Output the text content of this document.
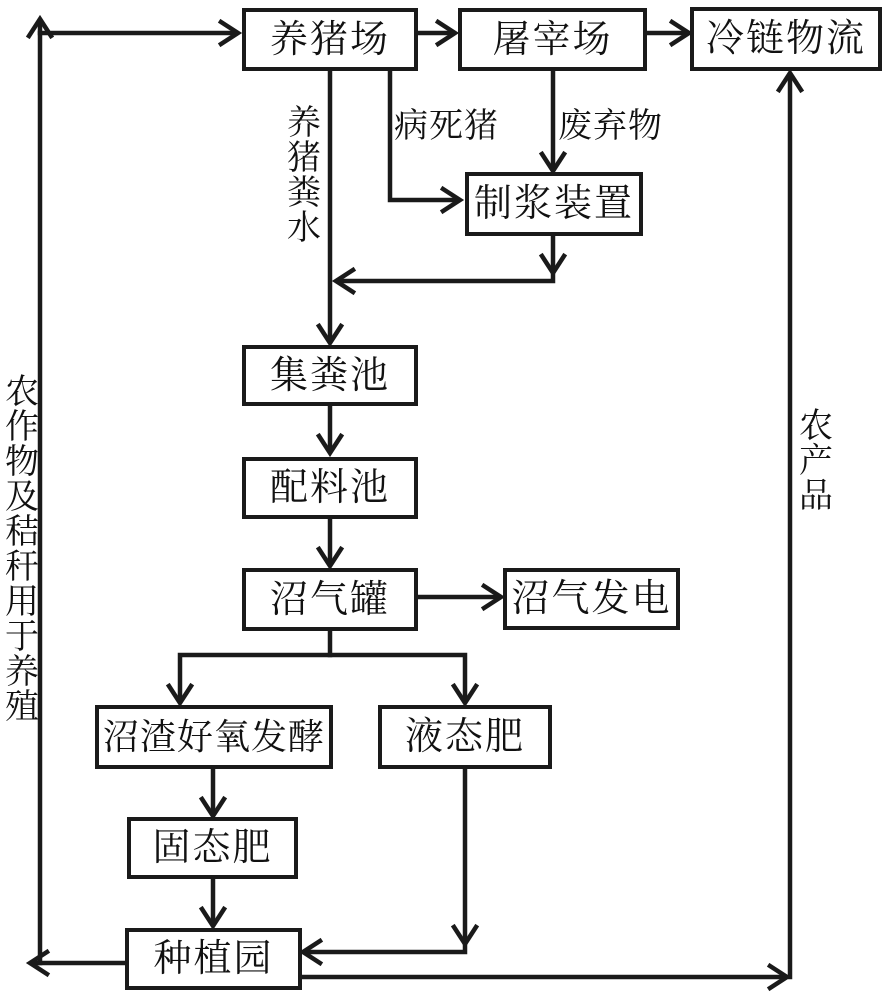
养猪场	屠宰场	冷链物流
制浆装置
集粪池
配料池
沼气罐	沼气发电
沼渣好氧发酵	液态肥
固态肥
种植园
病死猪 废弃物
养猪粪水
农作物及秸秆用于养殖
农产品
